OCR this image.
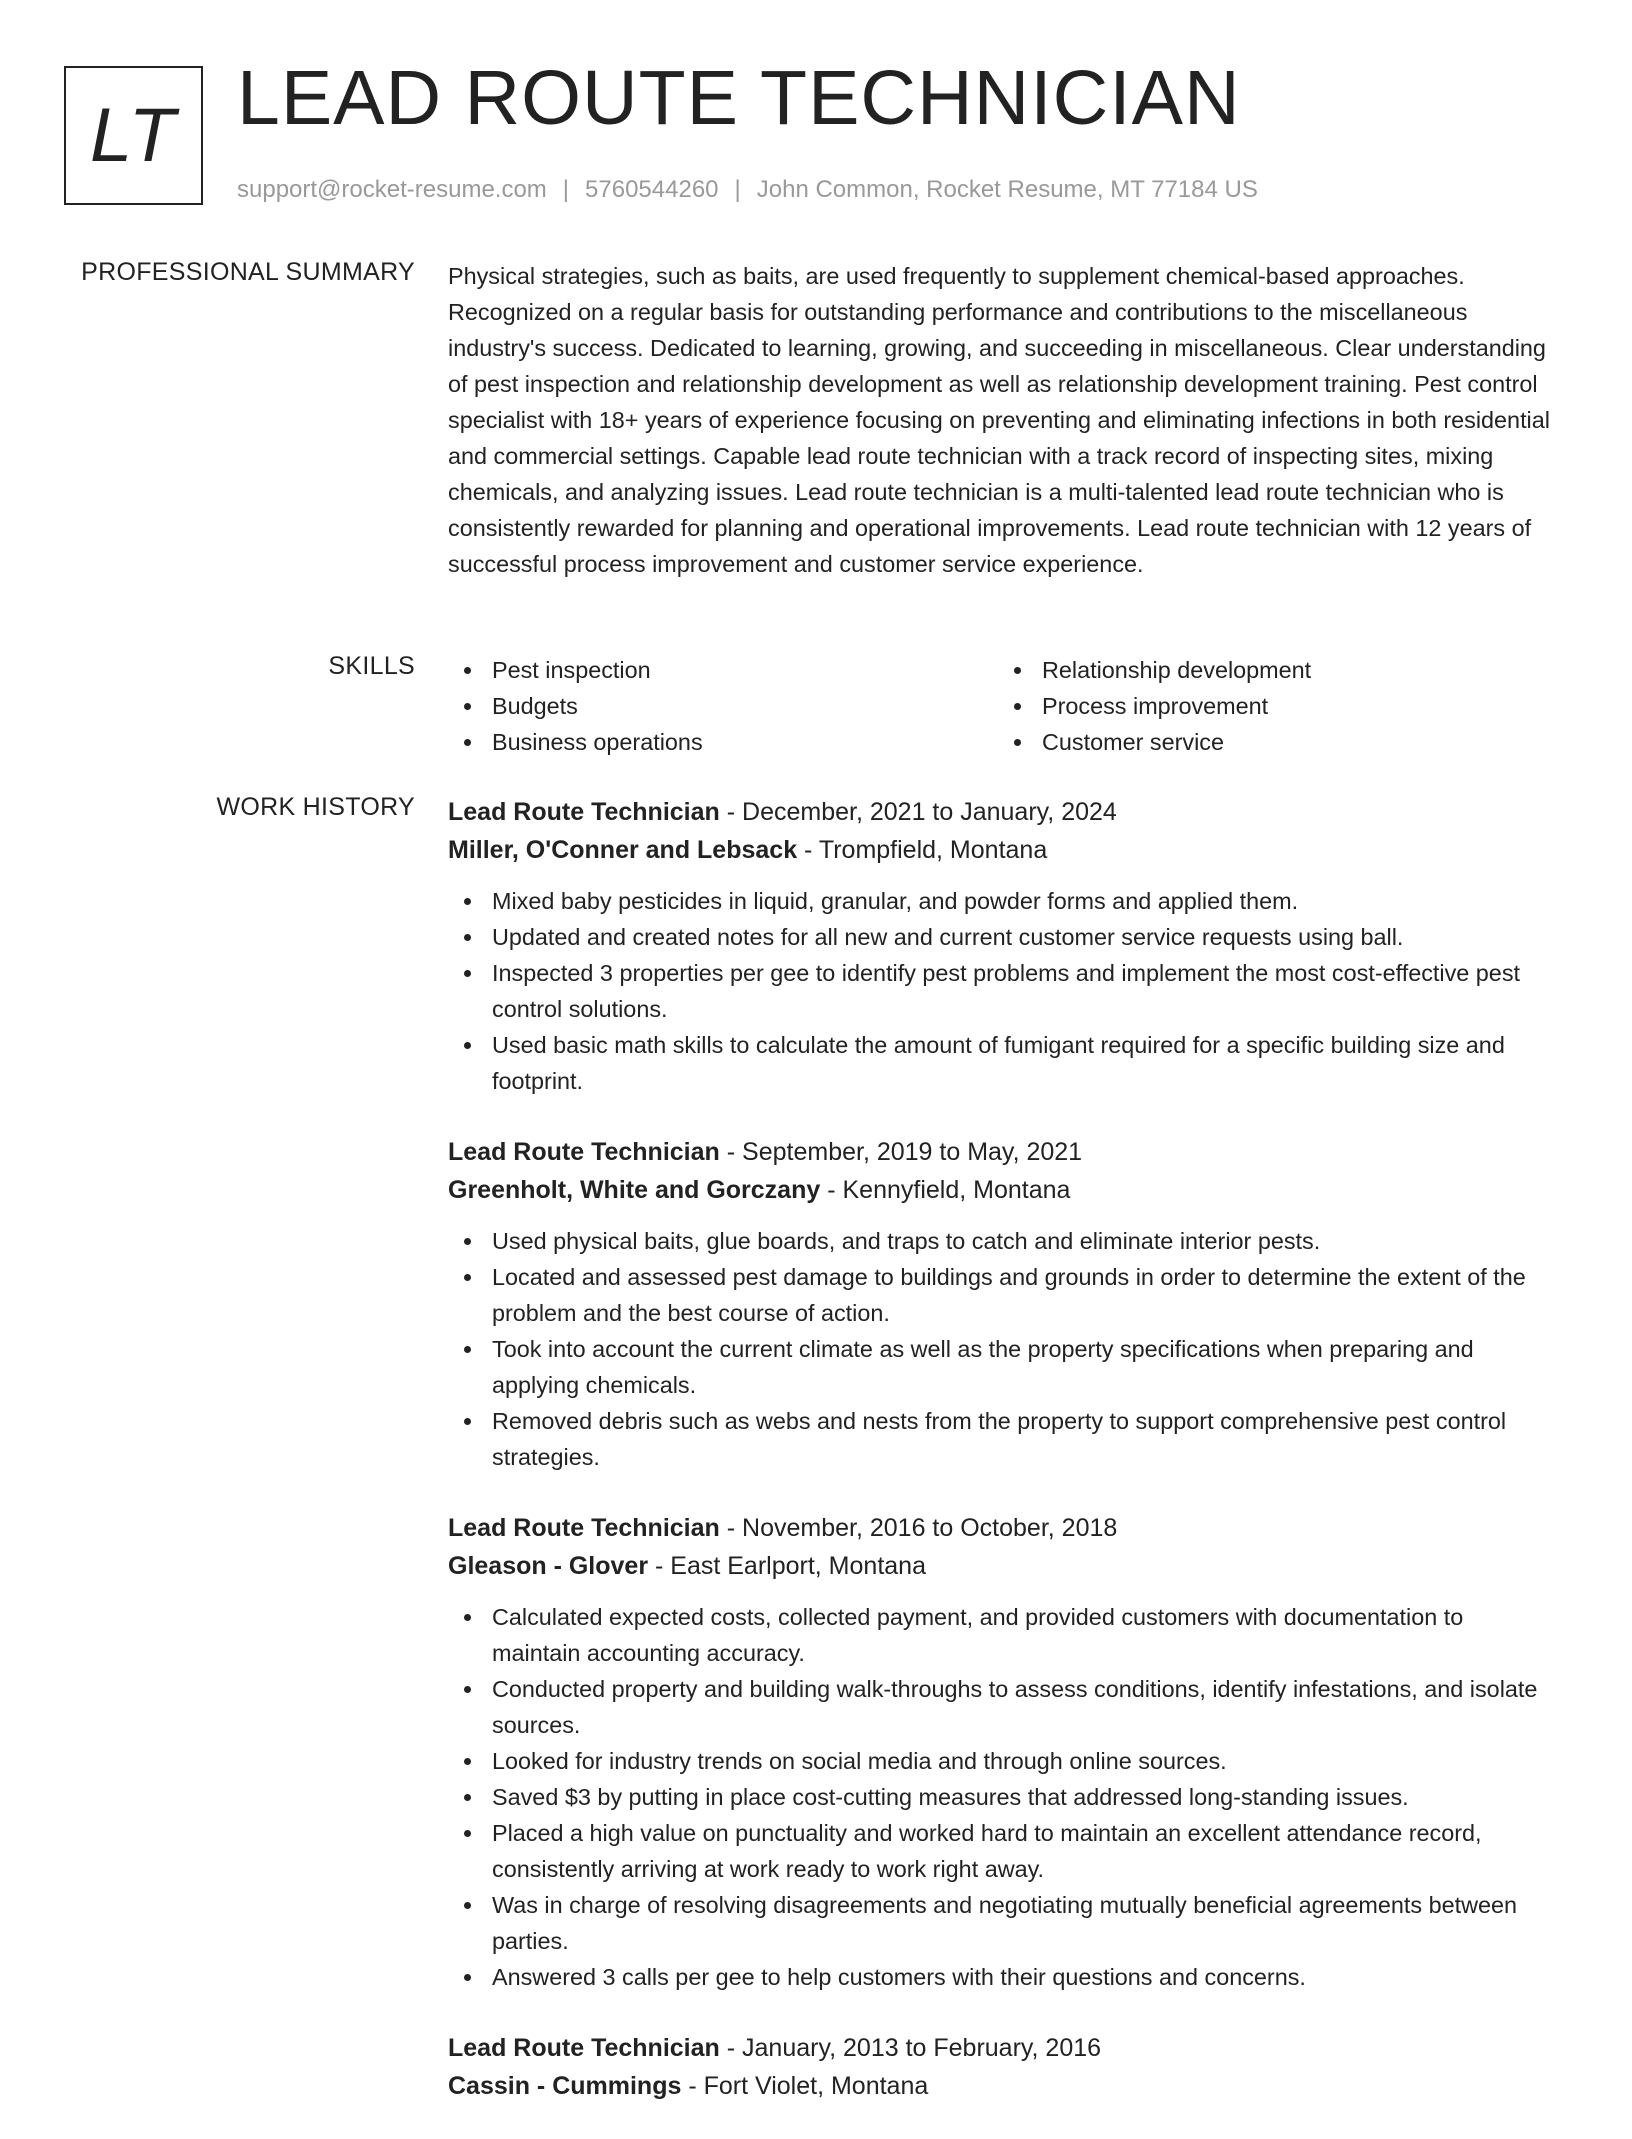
LT LEAD ROUTE TECHNICIAN
support@rocket-resume.com | 5760544260 | John Common, Rocket Resume, MT 77184 US
PROFESSIONAL SUMMARY Physical strategies, such as baits, are used frequently to supplement chemical-based approaches. Recognized on a regular basis for outstanding performance and contributions to the miscellaneous industry's success. Dedicated to learning, growing, and succeeding in miscellaneous. Clear understanding of pest inspection and relationship development as well as relationship development training. Pest control specialist with 18+ years of experience focusing on preventing and eliminating infections in both residential and commercial settings. Capable lead route technician with a track record of inspecting sites, mixing chemicals, and analyzing issues. Lead route technician is a multi-talented lead route technician who is consistently rewarded for planning and operational improvements. Lead route technician with 12 years of successful process improvement and customer service experience.

SKILLS	Pest inspection
Budgets
Business operations
Relationship development
Process improvement
Customer service
WORK HISTORY Lead Route Technician - December, 2021 to January, 2024
Miller, O'Conner and Lebsack - Trompfield, Montana
Mixed baby pesticides in liquid, granular, and powder forms and applied them.
Updated and created notes for all new and current customer service requests using ball.
Inspected 3 properties per gee to identify pest problems and implement the most cost-effective pest control solutions.
Used basic math skills to calculate the amount of fumigant required for a specific building size and footprint.
Lead Route Technician - September, 2019 to May, 2021
Greenholt, White and Gorczany - Kennyfield, Montana
Used physical baits, glue boards, and traps to catch and eliminate interior pests.
Located and assessed pest damage to buildings and grounds in order to determine the extent of the problem and the best course of action.
Took into account the current climate as well as the property specifications when preparing and applying chemicals.
Removed debris such as webs and nests from the property to support comprehensive pest control strategies.
Lead Route Technician - November, 2016 to October, 2018
Gleason - Glover - East Earlport, Montana
Calculated expected costs, collected payment, and provided customers with documentation to maintain accounting accuracy.
Conducted property and building walk-throughs to assess conditions, identify infestations, and isolate sources.
Looked for industry trends on social media and through online sources.
Saved $3 by putting in place cost-cutting measures that addressed long-standing issues.
Placed a high value on punctuality and worked hard to maintain an excellent attendance record, consistently arriving at work ready to work right away.
Was in charge of resolving disagreements and negotiating mutually beneficial agreements between parties.
Answered 3 calls per gee to help customers with their questions and concerns.
Lead Route Technician - January, 2013 to February, 2016
Cassin - Cummings - Fort Violet, Montana
